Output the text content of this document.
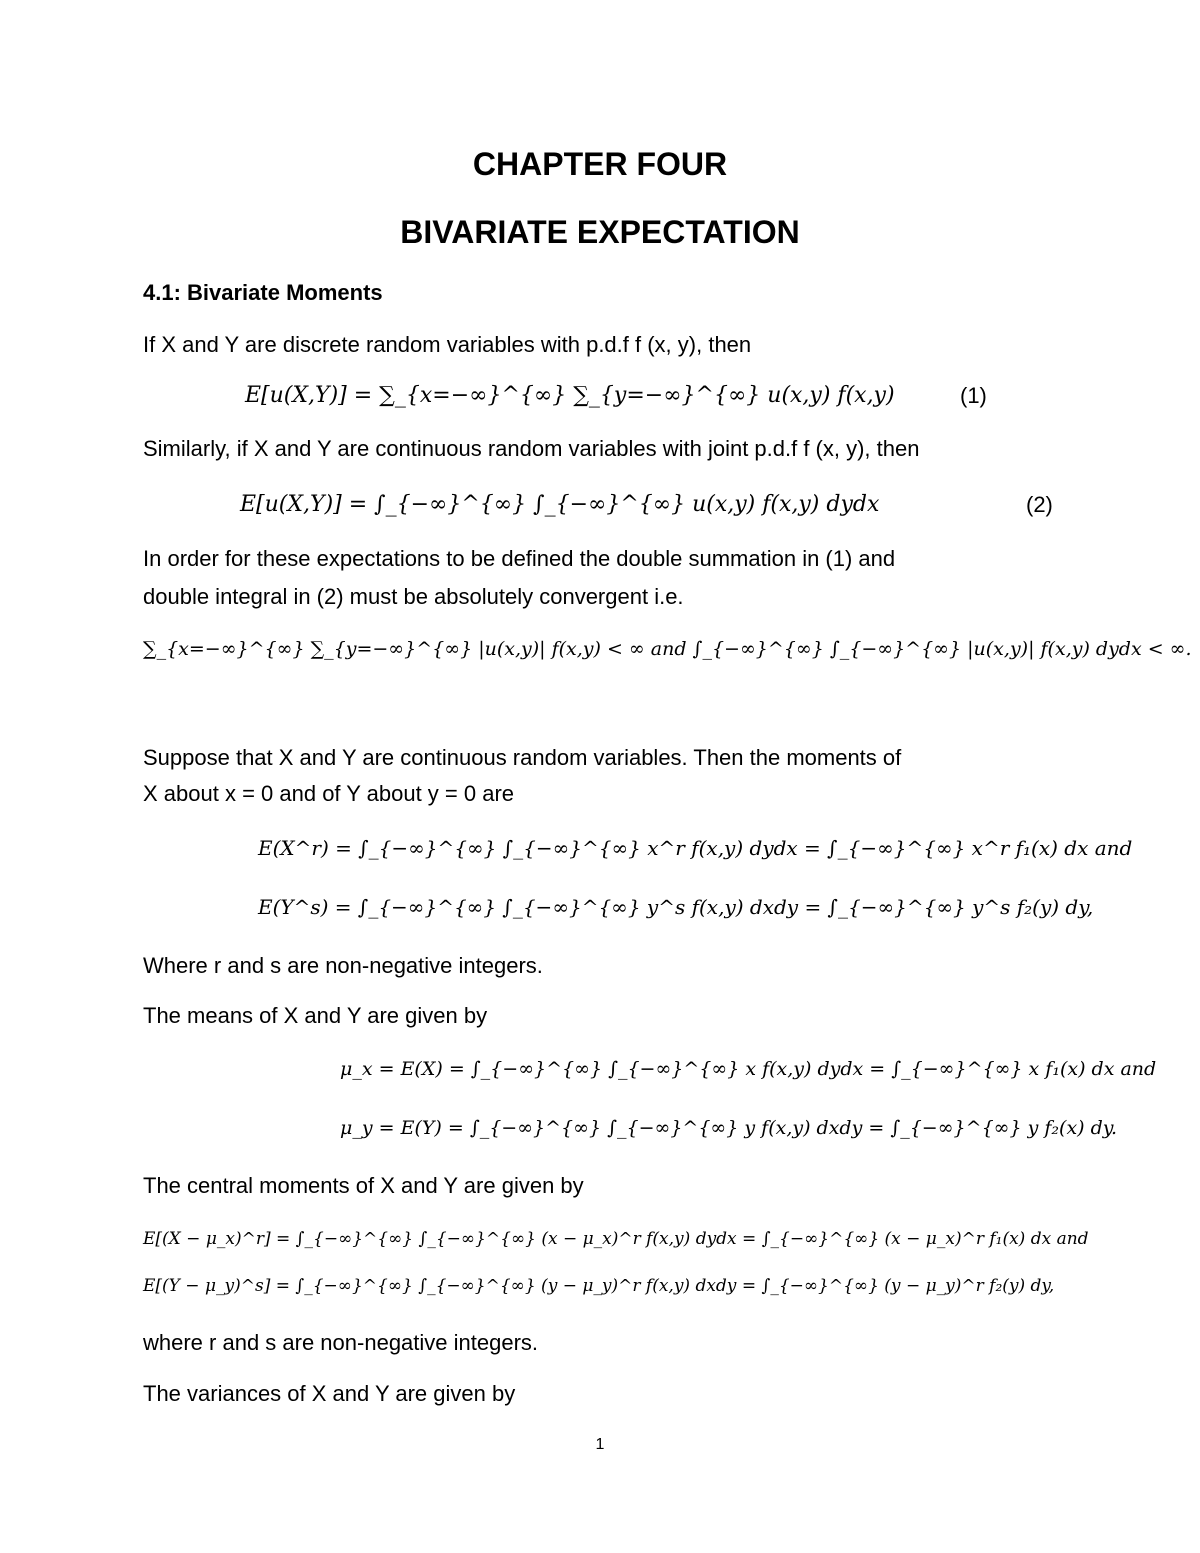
CHAPTER FOUR
BIVARIATE EXPECTATION
4.1: Bivariate Moments
If X and Y are discrete random variables with p.d.f f (x, y), then
E[u(X,Y)] = ∑_{x=−∞}^{∞} ∑_{y=−∞}^{∞} u(x,y) f(x,y)	(1)
Similarly, if X and Y are continuous random variables with joint p.d.f f (x, y), then
E[u(X,Y)] = ∫_{−∞}^{∞} ∫_{−∞}^{∞} u(x,y) f(x,y) dydx	(2)
In order for these expectations to be defined the double summation in (1) and
double integral in (2) must be absolutely convergent i.e.
∑_{x=−∞}^{∞} ∑_{y=−∞}^{∞} |u(x,y)| f(x,y) < ∞ and ∫_{−∞}^{∞} ∫_{−∞}^{∞} |u(x,y)| f(x,y) dydx < ∞.
Suppose that X and Y are continuous random variables. Then the moments of
X about x = 0 and of Y about y = 0 are
E(X^r) = ∫_{−∞}^{∞} ∫_{−∞}^{∞} x^r f(x,y) dydx = ∫_{−∞}^{∞} x^r f₁(x) dx and
E(Y^s) = ∫_{−∞}^{∞} ∫_{−∞}^{∞} y^s f(x,y) dxdy = ∫_{−∞}^{∞} y^s f₂(y) dy,
Where r and s are non-negative integers.
The means of X and Y are given by
μ_x = E(X) = ∫_{−∞}^{∞} ∫_{−∞}^{∞} x f(x,y) dydx = ∫_{−∞}^{∞} x f₁(x) dx and
μ_y = E(Y) = ∫_{−∞}^{∞} ∫_{−∞}^{∞} y f(x,y) dxdy = ∫_{−∞}^{∞} y f₂(x) dy.
The central moments of X and Y are given by
E[(X − μ_x)^r] = ∫_{−∞}^{∞} ∫_{−∞}^{∞} (x − μ_x)^r f(x,y) dydx = ∫_{−∞}^{∞} (x − μ_x)^r f₁(x) dx and
E[(Y − μ_y)^s] = ∫_{−∞}^{∞} ∫_{−∞}^{∞} (y − μ_y)^r f(x,y) dxdy = ∫_{−∞}^{∞} (y − μ_y)^r f₂(y) dy,
where r and s are non-negative integers.
The variances of X and Y are given by
1
